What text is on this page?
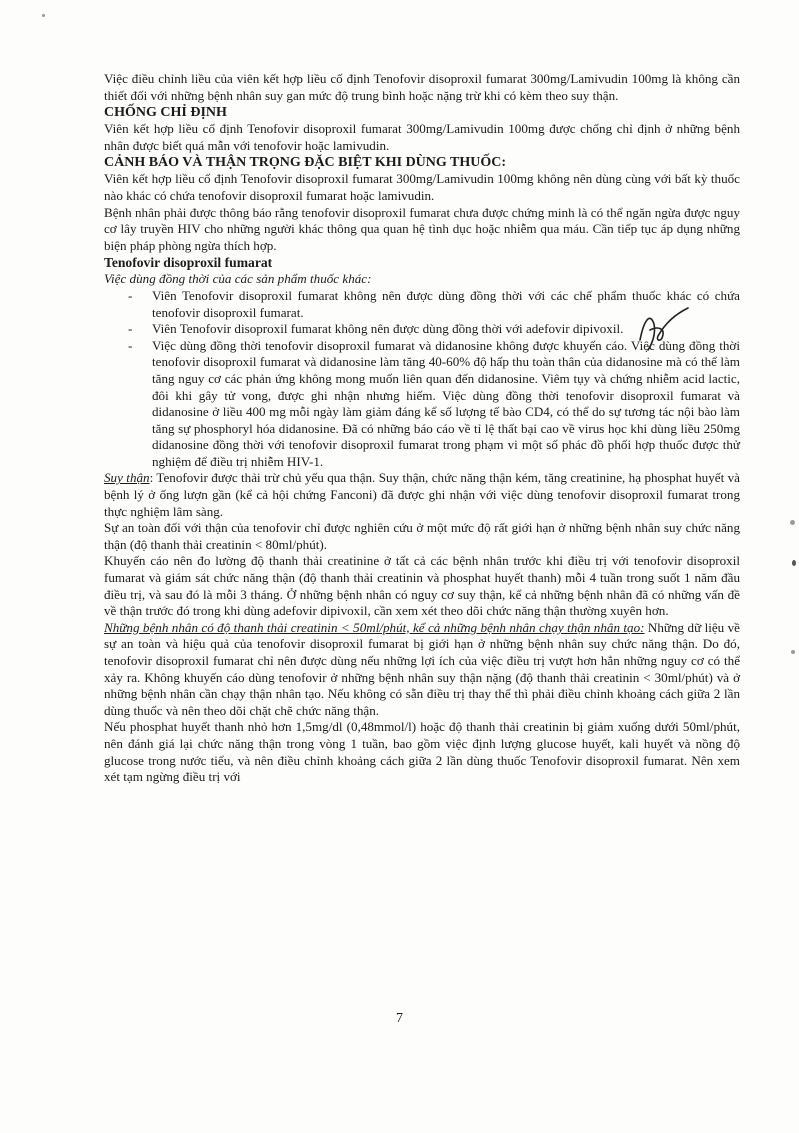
Việc điều chỉnh liều của viên kết hợp liều cố định Tenofovir disoproxil fumarat 300mg/Lamivudin 100mg là không cần thiết đối với những bệnh nhân suy gan mức độ trung bình hoặc nặng trừ khi có kèm theo suy thận.

CHỐNG CHỈ ĐỊNH

Viên kết hợp liều cố định Tenofovir disoproxil fumarat 300mg/Lamivudin 100mg được chống chỉ định ở những bệnh nhân được biết quá mẫn với tenofovir hoặc lamivudin.

CẢNH BÁO VÀ THẬN TRỌNG ĐẶC BIỆT KHI DÙNG THUỐC:

Viên kết hợp liều cố định Tenofovir disoproxil fumarat 300mg/Lamivudin 100mg không nên dùng cùng với bất kỳ thuốc nào khác có chứa tenofovir disoproxil fumarat hoặc lamivudin.

Bệnh nhân phải được thông báo rằng tenofovir disoproxil fumarat chưa được chứng minh là có thể ngăn ngừa được nguy cơ lây truyền HIV cho những người khác thông qua quan hệ tình dục hoặc nhiễm qua máu. Cần tiếp tục áp dụng những biện pháp phòng ngừa thích hợp.

Tenofovir disoproxil fumarat

Việc dùng đồng thời của các sản phẩm thuốc khác:

- Viên Tenofovir disoproxil fumarat không nên được dùng đồng thời với các chế phẩm thuốc khác có chứa tenofovir disoproxil fumarat.
- Viên Tenofovir disoproxil fumarat không nên được dùng đồng thời với adefovir dipivoxil.
- Việc dùng đồng thời tenofovir disoproxil fumarat và didanosine không được khuyến cáo. Việc dùng đồng thời tenofovir disoproxil fumarat và didanosine làm tăng 40-60% độ hấp thu toàn thân của didanosine mà có thể làm tăng nguy cơ các phản ứng không mong muốn liên quan đến didanosine. Viêm tụy và chứng nhiễm acid lactic, đôi khi gây tử vong, được ghi nhận nhưng hiếm. Việc dùng đồng thời tenofovir disoproxil fumarat và didanosine ở liều 400 mg mỗi ngày làm giảm đáng kể số lượng tế bào CD4, có thể do sự tương tác nội bào làm tăng sự phosphoryl hóa didanosine. Đã có những báo cáo về tỉ lệ thất bại cao về virus học khi dùng liều 250mg didanosine đồng thời với tenofovir disoproxil fumarat trong phạm vi một số phác đồ phối hợp thuốc được thử nghiệm để điều trị nhiễm HIV-1.

Suy thận: Tenofovir được thải trừ chủ yếu qua thận. Suy thận, chức năng thận kém, tăng creatinine, hạ phosphat huyết và bệnh lý ở ống lượn gần (kể cả hội chứng Fanconi) đã được ghi nhận với việc dùng tenofovir disoproxil fumarat trong thực nghiệm lâm sàng.

Sự an toàn đối với thận của tenofovir chỉ được nghiên cứu ở một mức độ rất giới hạn ở những bệnh nhân suy chức năng thận (độ thanh thải creatinin < 80ml/phút).

Khuyến cáo nên đo lường độ thanh thải creatinine ở tất cả các bệnh nhân trước khi điều trị với tenofovir disoproxil fumarat và giám sát chức năng thận (độ thanh thải creatinin và phosphat huyết thanh) mỗi 4 tuần trong suốt 1 năm đầu điều trị, và sau đó là mỗi 3 tháng. Ở những bệnh nhân có nguy cơ suy thận, kể cả những bệnh nhân đã có những vấn đề về thận trước đó trong khi dùng adefovir dipivoxil, cần xem xét theo dõi chức năng thận thường xuyên hơn.

Những bệnh nhân có độ thanh thải creatinin < 50ml/phút, kể cả những bệnh nhân chạy thận nhân tạo: Những dữ liệu về sự an toàn và hiệu quả của tenofovir disoproxil fumarat bị giới hạn ở những bệnh nhân suy chức năng thận. Do đó, tenofovir disoproxil fumarat chỉ nên được dùng nếu những lợi ích của việc điều trị vượt hơn hẳn những nguy cơ có thể xảy ra. Không khuyến cáo dùng tenofovir ở những bệnh nhân suy thận nặng (độ thanh thải creatinin < 30ml/phút) và ở những bệnh nhân cần chạy thận nhân tạo. Nếu không có sẵn điều trị thay thế thì phải điều chỉnh khoảng cách giữa 2 lần dùng thuốc và nên theo dõi chặt chẽ chức năng thận.

Nếu phosphat huyết thanh nhỏ hơn 1,5mg/dl (0,48mmol/l) hoặc độ thanh thải creatinin bị giảm xuống dưới 50ml/phút, nên đánh giá lại chức năng thận trong vòng 1 tuần, bao gồm việc định lượng glucose huyết, kali huyết và nồng độ glucose trong nước tiểu, và nên điều chỉnh khoảng cách giữa 2 lần dùng thuốc Tenofovir disoproxil fumarat. Nên xem xét tạm ngừng điều trị với

7
